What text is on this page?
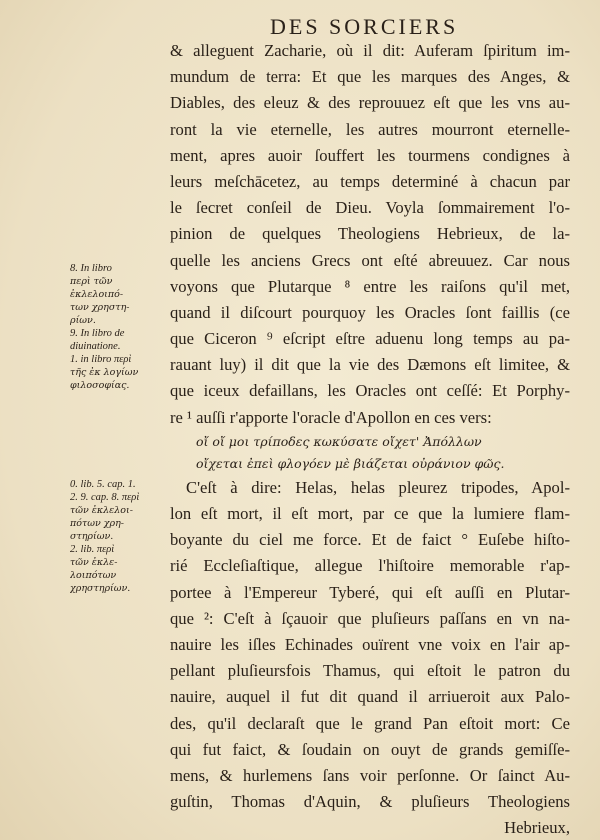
DES SORCIERS
& alleguent Zacharie, où il dit: Auferam ſpiritum im-
mundum de terra: Et que les marques des Anges, &
Diables, des eleuz & des reprouuez eſt que les vns au-
ront la vie eternelle, les autres mourront eternelle-
ment, apres auoir ſouffert les tourmens condignes à
leurs meſchācetez, au temps determiné à chacun par
le ſecret conſeil de Dieu. Voyla ſommairement l'o-
pinion de quelques Theologiens Hebrieux, de la-
quelle les anciens Grecs ont eſté abreuuez. Car nous
voyons que Plutarque ⁸ entre les raiſons qu'il met,
quand il diſcourt pourquoy les Oracles ſont faillis (ce
que Ciceron ⁹ eſcript eſtre aduenu long temps au pa-
rauant luy) il dit que la vie des Dæmons eſt limitee, &
que iceux defaillans, les Oracles ont ceſſé: Et Porphy-
re ¹ auſſi r'apporte l'oracle d'Apollon en ces vers:
οἴ οἴ μοι τρίποδες κωκύσατε οἴχετ' Ἀπόλλων
οἴχεται ἐπεὶ φλογόεν μὲ βιάζεται οὐράνιον φῶς.
C'eſt à dire: Helas, helas pleurez tripodes, Apol-
lon eſt mort, il eſt mort, par ce que la lumiere flam-
boyante du ciel me force. Et de faict ° Euſebe hiſto-
rié Eccleſiaſtique, allegue l'hiſtoire memorable r'ap-
portee à l'Empereur Tyberé, qui eſt auſſi en Plutar-
que ²: C'eſt à ſçauoir que pluſieurs paſſans en vn na-
nauire les iſles Echinades ouïrent vne voix en l'air ap-
pellant pluſieursfois Thamus, qui eſtoit le patron du
nauire, auquel il fut dit quand il arriueroit aux Palo-
des, qu'il declaraſt que le grand Pan eſtoit mort: Ce
qui fut faict, & ſoudain on ouyt de grands gemiſſe-
mens, & hurlemens ſans voir perſonne. Or ſainct Au-
guſtin, Thomas d'Aquin, & pluſieurs Theologiens
Hebrieux,
8. In libro
περὶ τῶν
ἐκλελοιπό-
των χρηστη-
ρίων.
9. In libro de
diuinatione.
1. in libro περὶ
τῆς ἐκ λογίων
φιλοσοφίας.
0. lib. 5. cap. 1.
2. 9. cap. 8. περὶ
τῶν ἐκλελοι-
πότων χρη-
στηρίων.
2. lib. περὶ
τῶν ἐκλε-
λοιπότων
χρηστηρίων.
